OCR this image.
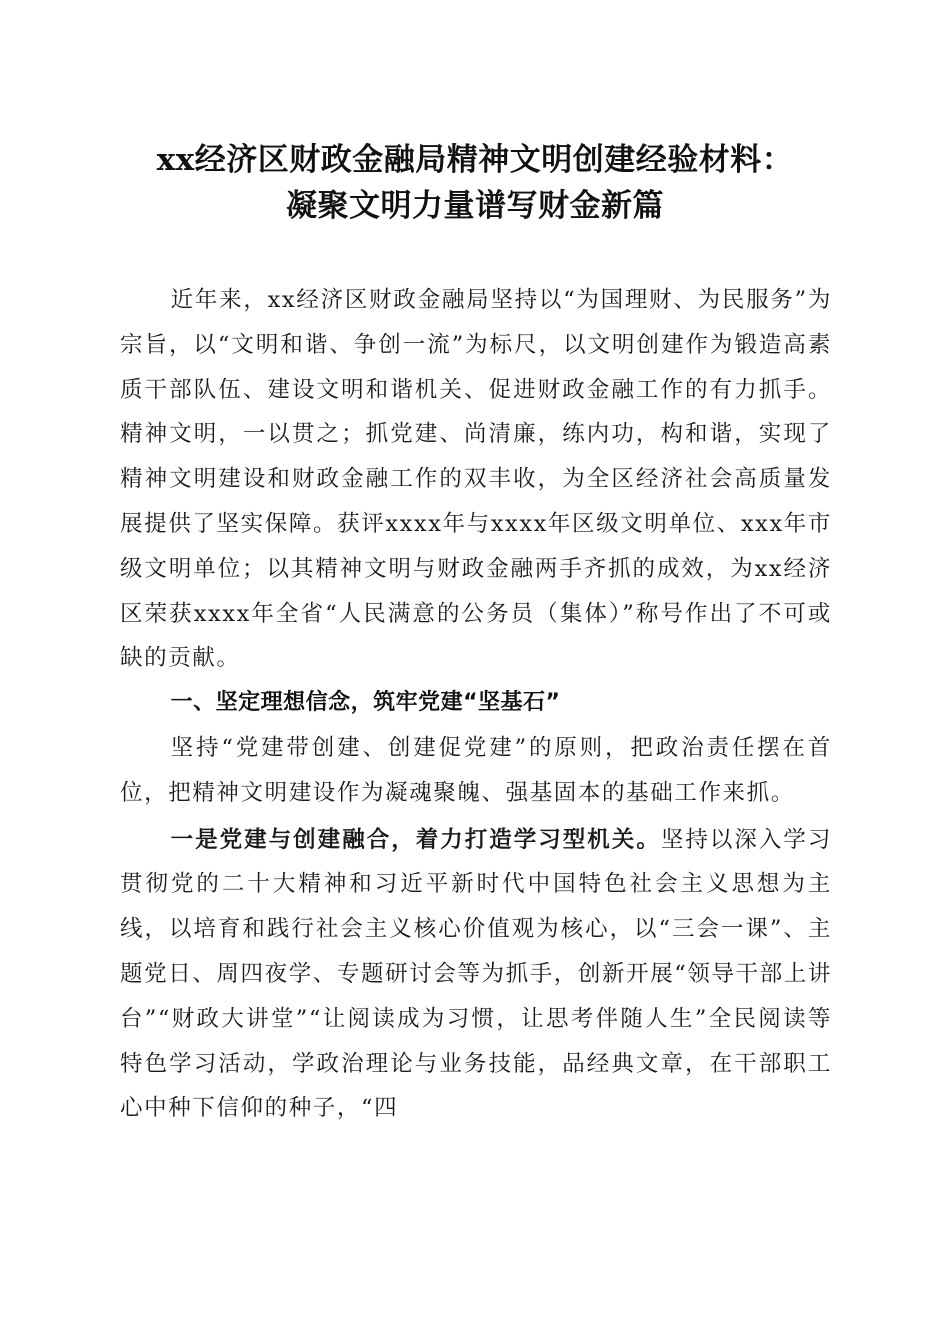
xx经济区财政金融局精神文明创建经验材料：
凝聚文明力量谱写财金新篇

近年来，xx经济区财政金融局坚持以“为国理财、为民服务”为宗旨，以“文明和谐、争创一流”为标尺，以文明创建作为锻造高素质干部队伍、建设文明和谐机关、促进财政金融工作的有力抓手。精神文明，一以贯之；抓党建、尚清廉，练内功，构和谐，实现了精神文明建设和财政金融工作的双丰收，为全区经济社会高质量发展提供了坚实保障。获评xxxx年与xxxx年区级文明单位、xxx年市级文明单位；以其精神文明与财政金融两手齐抓的成效，为xx经济区荣获xxxx年全省“人民满意的公务员（集体）”称号作出了不可或缺的贡献。

一、坚定理想信念，筑牢党建“坚基石”

坚持“党建带创建、创建促党建”的原则，把政治责任摆在首位，把精神文明建设作为凝魂聚魄、强基固本的基础工作来抓。

一是党建与创建融合，着力打造学习型机关。坚持以深入学习贯彻党的二十大精神和习近平新时代中国特色社会主义思想为主线，以培育和践行社会主义核心价值观为核心，以“三会一课”、主题党日、周四夜学、专题研讨会等为抓手，创新开展“领导干部上讲台”“财政大讲堂”“让阅读成为习惯，让思考伴随人生”全民阅读等特色学习活动，学政治理论与业务技能，品经典文章，在干部职工心中种下信仰的种子，“四
